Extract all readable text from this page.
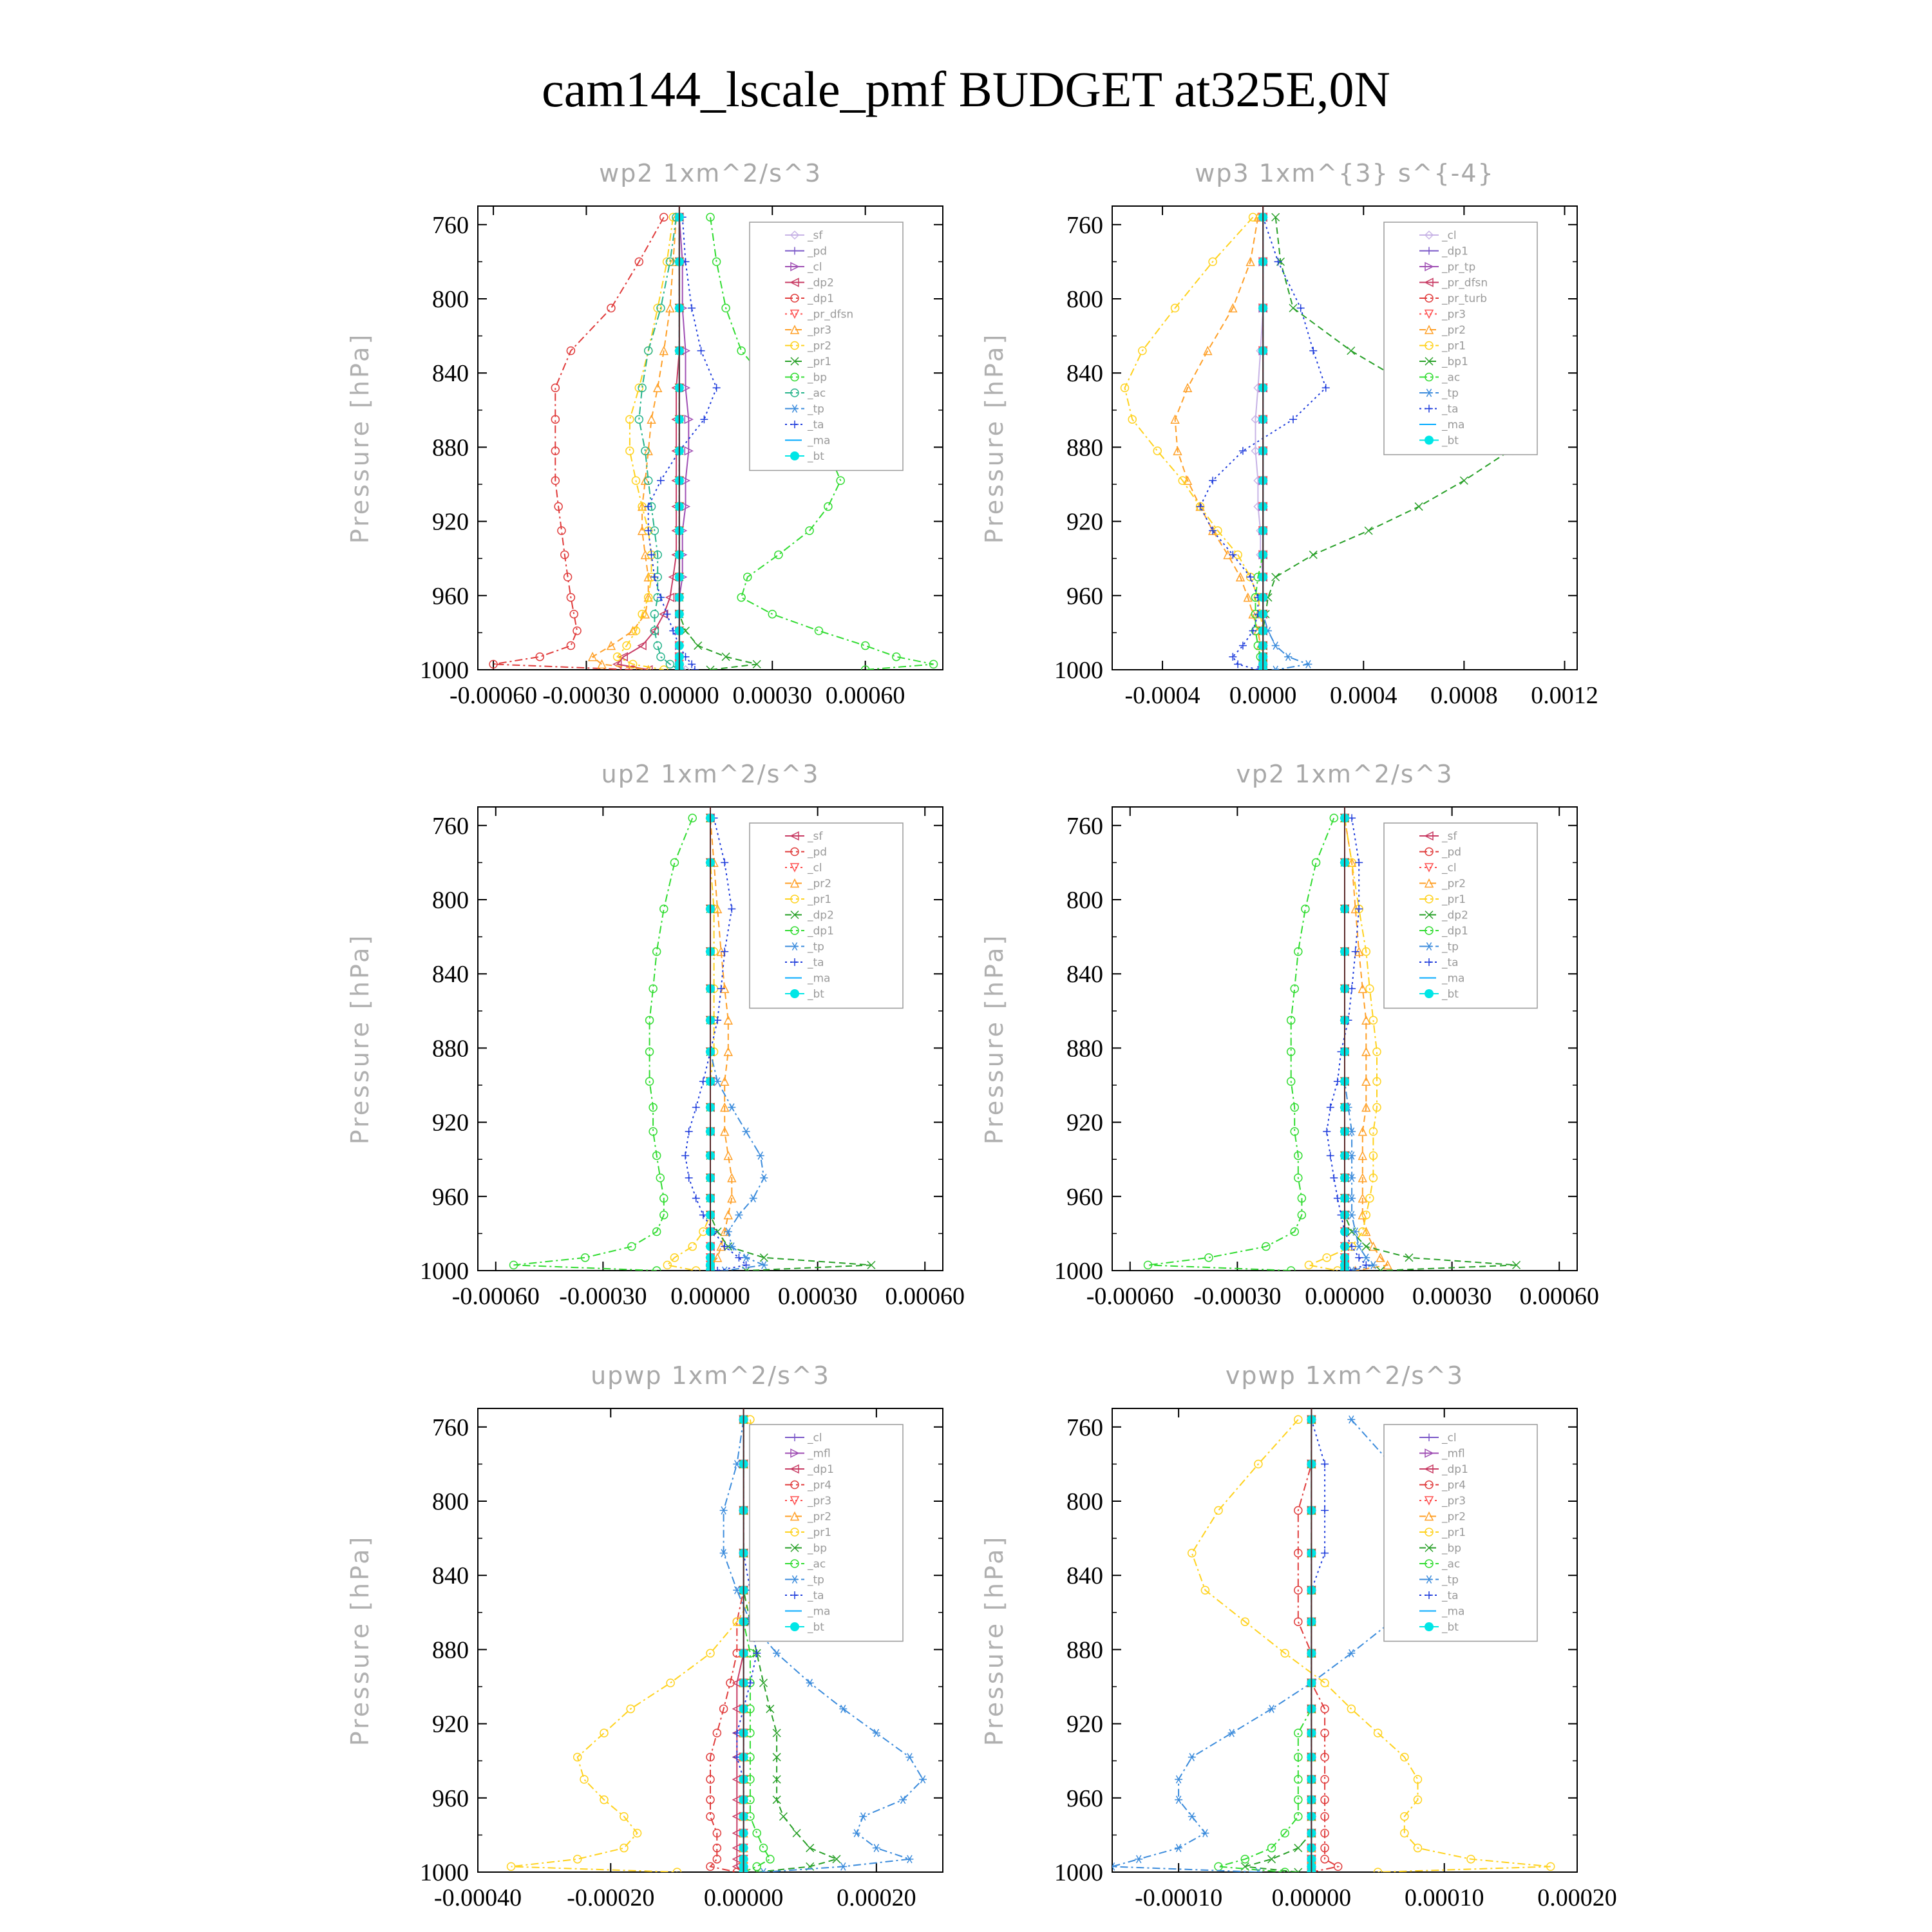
cam144_lscale_pmf BUDGET at325E,0N
wp2 1xm^2/s^3
Pressure [hPa]
760
800
840
880
920
960
1000
-0.00060 -0.00030 0.00000 0.00030 0.00060
_sf
_pd
_cl
_dp2
_dp1
_pr_dfsn
_pr3
_pr2
_pr1
_bp
_ac
_tp
_ta
_ma
_bt
wp3 1xm^{3} s^{-4}
Pressure [hPa]
760
800
840
880
920
960
1000
-0.0004 0.0000 0.0004 0.0008 0.0012
_cl
_dp1
_pr_tp
_pr_dfsn
_pr_turb
_pr3
_pr2
_pr1
_bp1
_ac
_tp
_ta
_ma
_bt
up2 1xm^2/s^3
Pressure [hPa]
760
800
840
880
920
960
1000
-0.00060 -0.00030 0.00000 0.00030 0.00060
_sf
_pd
_cl
_pr2
_pr1
_dp2
_dp1
_tp
_ta
_ma
_bt
vp2 1xm^2/s^3
Pressure [hPa]
760
800
840
880
920
960
1000
-0.00060 -0.00030 0.00000 0.00030 0.00060
_sf
_pd
_cl
_pr2
_pr1
_dp2
_dp1
_tp
_ta
_ma
_bt
upwp 1xm^2/s^3
Pressure [hPa]
760
800
840
880
920
960
1000
-0.00040 -0.00020 0.00000 0.00020
_cl
_mfl
_dp1
_pr4
_pr3
_pr2
_pr1
_bp
_ac
_tp
_ta
_ma
_bt
vpwp 1xm^2/s^3
Pressure [hPa]
760
800
840
880
920
960
1000
-0.00010 0.00000 0.00010 0.00020
_cl
_mfl
_dp1
_pr4
_pr3
_pr2
_pr1
_bp
_ac
_tp
_ta
_ma
_bt
